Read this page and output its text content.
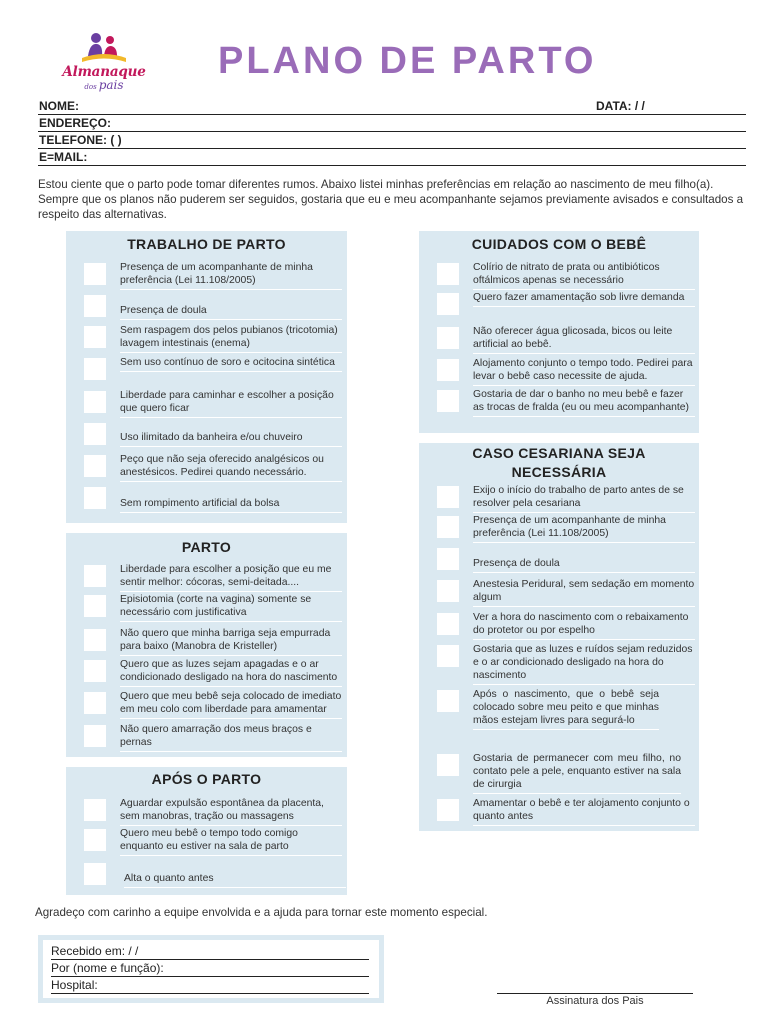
Almanaque
dos pais
PLANO DE PARTO
NOME:	DATA: / /
ENDEREÇO:
TELEFONE: ( )
E=MAIL:
Estou ciente que o parto pode tomar diferentes rumos. Abaixo listei minhas preferências em relação ao nascimento de meu filho(a). Sempre que os planos não puderem ser seguidos, gostaria que eu e meu acompanhante sejamos previamente avisados e consultados a respeito das alternativas.
TRABALHO DE PARTO
Presença de um acompanhante de minha preferência (Lei 11.108/2005)
Presença de doula
Sem raspagem dos pelos pubianos (tricotomia) lavagem intestinais (enema)
Sem uso contínuo de soro e ocitocina sintética
Liberdade para caminhar e escolher a posição que quero ficar
Uso ilimitado da banheira e/ou chuveiro
Peço que não seja oferecido analgésicos ou anestésicos. Pedirei quando necessário.
Sem rompimento artificial da bolsa
PARTO
Liberdade para escolher a posição que eu me sentir melhor: cócoras, semi-deitada....
Episiotomia (corte na vagina) somente se necessário com justificativa
Não quero que minha barriga seja empurrada para baixo (Manobra de Kristeller)
Quero que as luzes sejam apagadas e o ar condicionado desligado na hora do nascimento
Quero que meu bebê seja colocado de imediato em meu colo com liberdade para amamentar
Não quero amarração dos meus braços e pernas
APÓS O PARTO
Aguardar expulsão espontânea da placenta, sem manobras, tração ou massagens
Quero meu bebê o tempo todo comigo enquanto eu estiver na sala de parto
Alta o quanto antes
CUIDADOS COM O BEBÊ
Colírio de nitrato de prata ou antibióticos oftálmicos apenas se necessário
Quero fazer amamentação sob livre demanda
Não oferecer água glicosada, bicos ou leite artificial ao bebê.
Alojamento conjunto o tempo todo. Pedirei para levar o bebê caso necessite de ajuda.
Gostaria de dar o banho no meu bebê e fazer as trocas de fralda (eu ou meu acompanhante)
CASO CESARIANA SEJA
NECESSÁRIA
Exijo o início do trabalho de parto antes de se resolver pela cesariana
Presença de um acompanhante de minha preferência (Lei 11.108/2005)
Presença de doula
Anestesia Peridural, sem sedação em momento algum
Ver a hora do nascimento com o rebaixamento do protetor ou por espelho
Gostaria que as luzes e ruídos sejam reduzidos e o ar condicionado desligado na hora do nascimento
Após o nascimento, que o bebê seja colocado sobre meu peito e que minhas mãos estejam livres para segurá-lo
Gostaria de permanecer com meu filho, no contato pele a pele, enquanto estiver na sala de cirurgia
Amamentar o bebê e ter alojamento conjunto o quanto antes
Agradeço com carinho a equipe envolvida e a ajuda para tornar este momento especial.
Recebido em: / /
Por (nome e função):
Hospital:
Assinatura dos Pais
